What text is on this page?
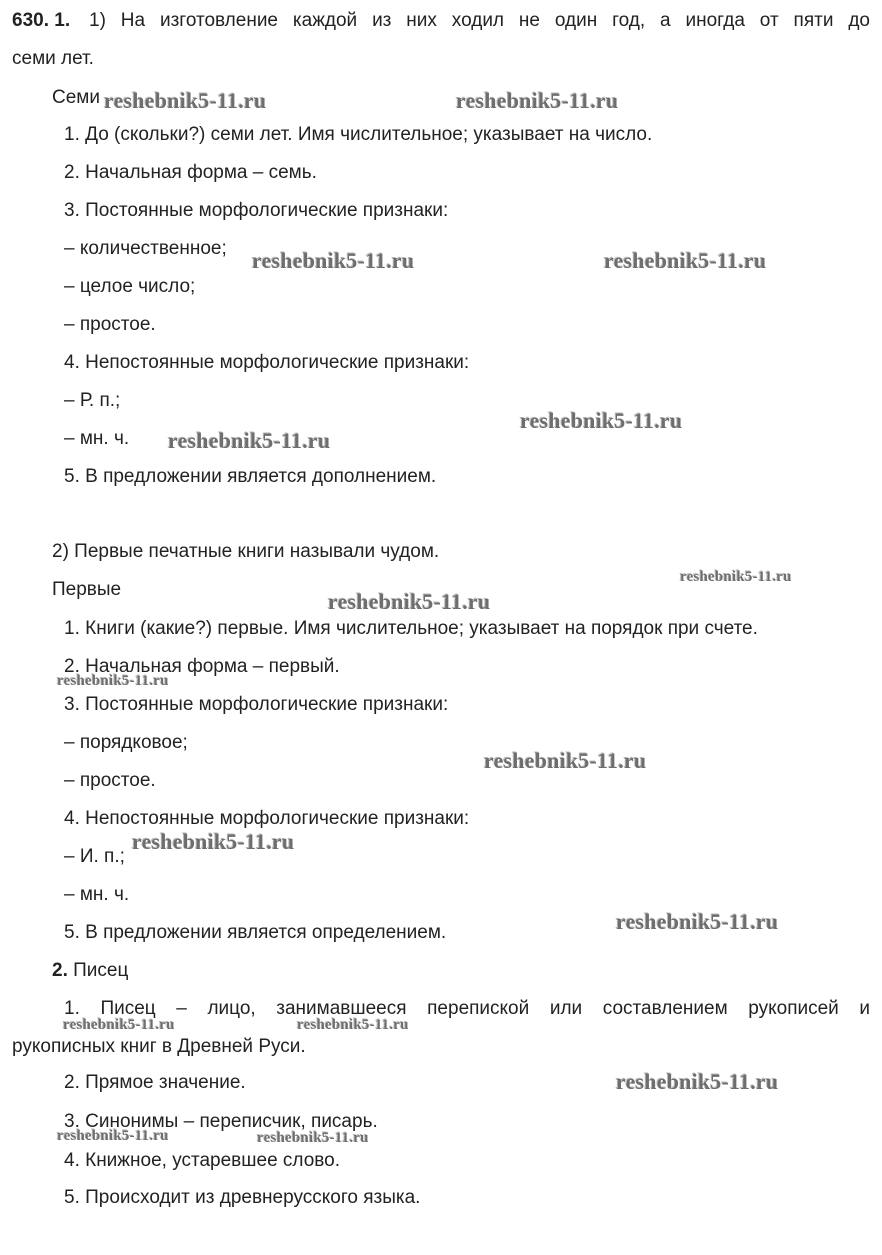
630. 1. 1) На изготовление каждой из них ходил не один год, а иногда от пяти до
семи лет.
Семи
1. До (скольки?) семи лет. Имя числительное; указывает на число.
2. Начальная форма – семь.
3. Постоянные морфологические признаки:
– количественное;
– целое число;
– простое.
4. Непостоянные морфологические признаки:
– Р. п.;
– мн. ч.
5. В предложении является дополнением.
2) Первые печатные книги называли чудом.
Первые
1. Книги (какие?) первые. Имя числительное; указывает на порядок при счете.
2. Начальная форма – первый.
3. Постоянные морфологические признаки:
– порядковое;
– простое.
4. Непостоянные морфологические признаки:
– И. п.;
– мн. ч.
5. В предложении является определением.
2. Писец
1. Писец – лицо, занимавшееся перепиской или составлением рукописей и
рукописных книг в Древней Руси.
2. Прямое значение.
3. Синонимы – переписчик, писарь.
4. Книжное, устаревшее слово.
5. Происходит из древнерусского языка.
reshebnik5-11.ru	reshebnik5-11.ru
reshebnik5-11.ru	reshebnik5-11.ru
reshebnik5-11.ru
reshebnik5-11.ru
reshebnik5-11.ru
reshebnik5-11.ru
reshebnik5-11.ru
reshebnik5-11.ru
reshebnik5-11.ru
reshebnik5-11.ru
reshebnik5-11.ru	reshebnik5-11.ru
reshebnik5-11.ru
reshebnik5-11.ru	reshebnik5-11.ru
